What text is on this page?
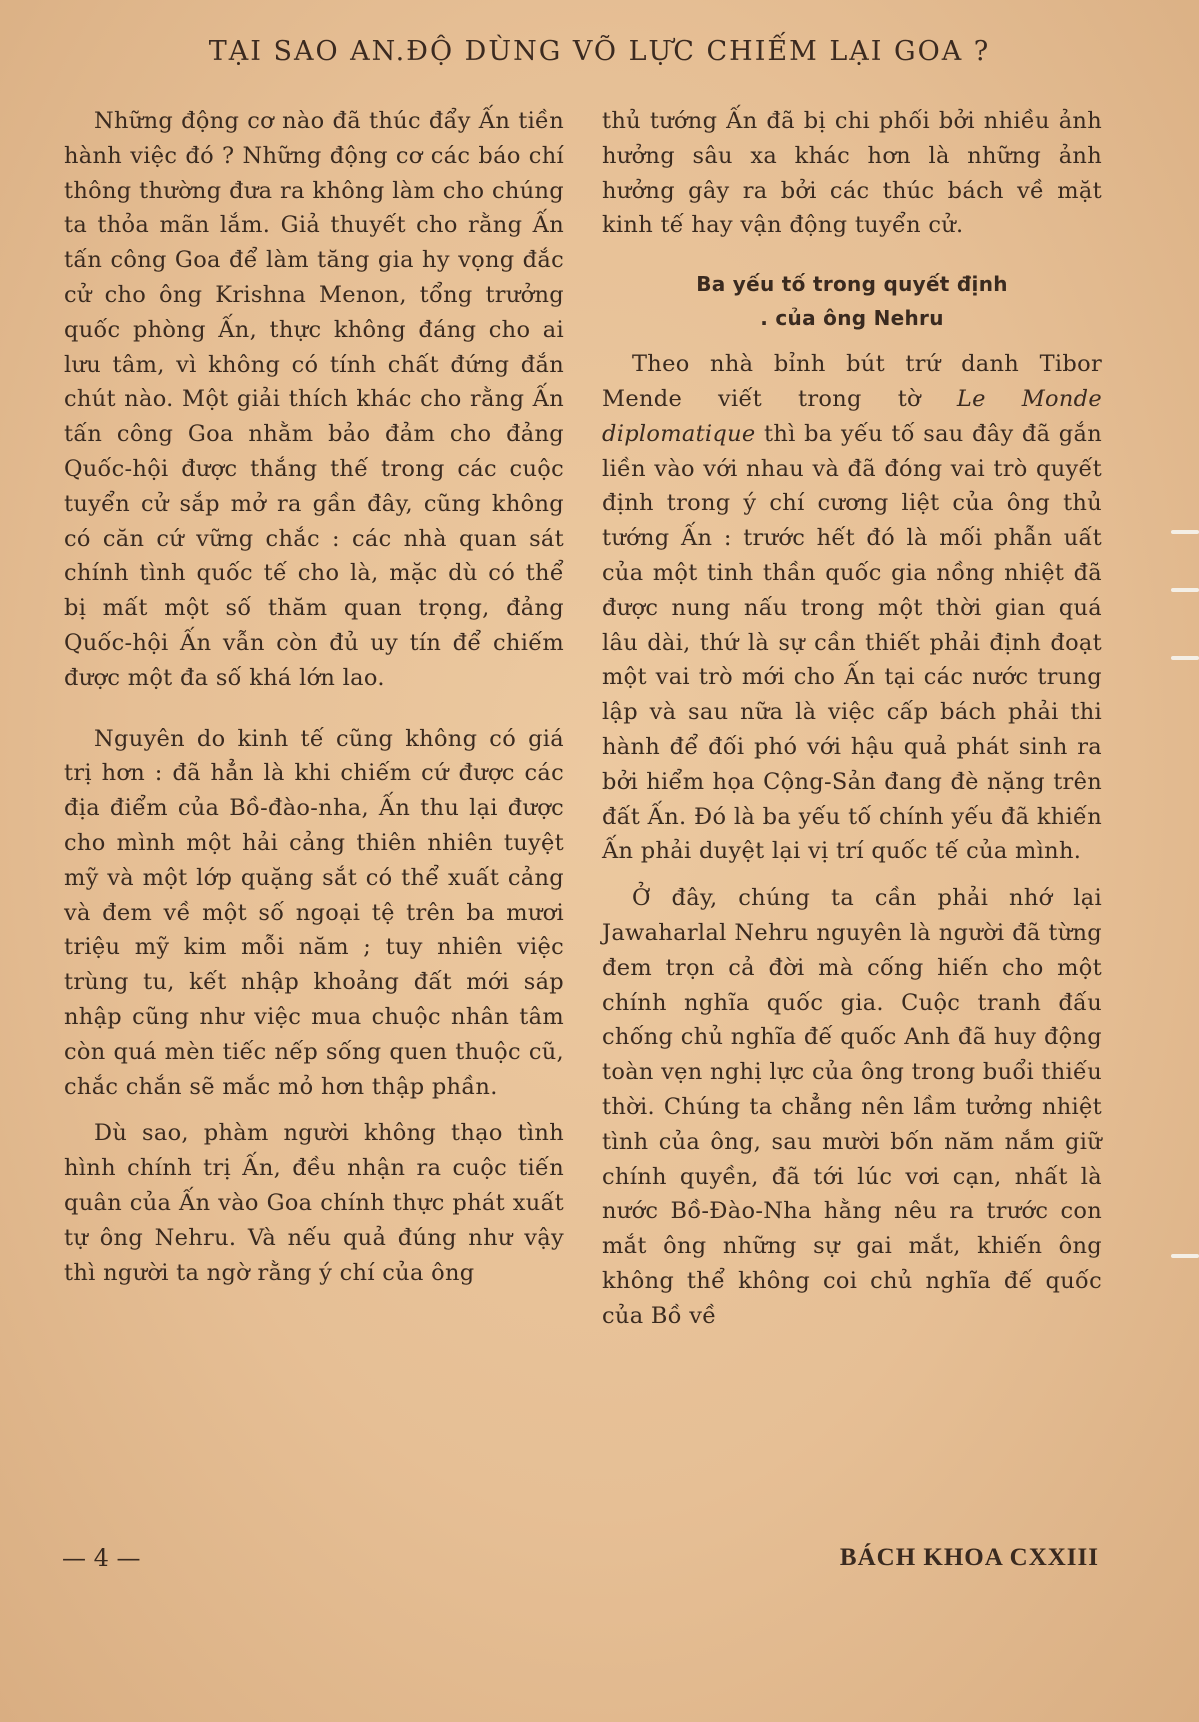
TẠI SAO AN.ĐỘ DÙNG VÕ LỰC CHIẾM LẠI GOA ?

Những động cơ nào đã thúc đẩy Ấn tiền hành việc đó ? Những động cơ các báo chí thông thường đưa ra không làm cho chúng ta thỏa mãn lắm. Giả thuyết cho rằng Ấn tấn công Goa để làm tăng gia hy vọng đắc cử cho ông Krishna Menon, tổng trưởng quốc phòng Ấn, thực không đáng cho ai lưu tâm, vì không có tính chất đứng đắn chút nào. Một giải thích khác cho rằng Ấn tấn công Goa nhằm bảo đảm cho đảng Quốc-hội được thắng thế trong các cuộc tuyển cử sắp mở ra gần đây, cũng không có căn cứ vững chắc : các nhà quan sát chính tình quốc tế cho là, mặc dù có thể bị mất một số thăm quan trọng, đảng Quốc-hội Ấn vẫn còn đủ uy tín để chiếm được một đa số khá lớn lao.

Nguyên do kinh tế cũng không có giá trị hơn : đã hẳn là khi chiếm cứ được các địa điểm của Bồ-đào-nha, Ấn thu lại được cho mình một hải cảng thiên nhiên tuyệt mỹ và một lớp quặng sắt có thể xuất cảng và đem về một số ngoại tệ trên ba mươi triệu mỹ kim mỗi năm ; tuy nhiên việc trùng tu, kết nhập khoảng đất mới sáp nhập cũng như việc mua chuộc nhân tâm còn quá mèn tiếc nếp sống quen thuộc cũ, chắc chắn sẽ mắc mỏ hơn thập phần.

Dù sao, phàm người không thạo tình hình chính trị Ấn, đều nhận ra cuộc tiến quân của Ấn vào Goa chính thực phát xuất tự ông Nehru. Và nếu quả đúng như vậy thì người ta ngờ rằng ý chí của ông

thủ tướng Ấn đã bị chi phối bởi nhiều ảnh hưởng sâu xa khác hơn là những ảnh hưởng gây ra bởi các thúc bách về mặt kinh tế hay vận động tuyển cử.

Ba yếu tố trong quyết định
. của ông Nehru

Theo nhà bỉnh bút trứ danh Tibor Mende viết trong tờ Le Monde diplomatique thì ba yếu tố sau đây đã gắn liền vào với nhau và đã đóng vai trò quyết định trong ý chí cương liệt của ông thủ tướng Ấn : trước hết đó là mối phẫn uất của một tinh thần quốc gia nồng nhiệt đã được nung nấu trong một thời gian quá lâu dài, thứ là sự cần thiết phải định đoạt một vai trò mới cho Ấn tại các nước trung lập và sau nữa là việc cấp bách phải thi hành để đối phó với hậu quả phát sinh ra bởi hiểm họa Cộng-Sản đang đè nặng trên đất Ấn. Đó là ba yếu tố chính yếu đã khiến Ấn phải duyệt lại vị trí quốc tế của mình.

Ở đây, chúng ta cần phải nhớ lại Jawaharlal Nehru nguyên là người đã từng đem trọn cả đời mà cống hiến cho một chính nghĩa quốc gia. Cuộc tranh đấu chống chủ nghĩa đế quốc Anh đã huy động toàn vẹn nghị lực của ông trong buổi thiếu thời. Chúng ta chẳng nên lầm tưởng nhiệt tình của ông, sau mười bốn năm nắm giữ chính quyền, đã tới lúc vơi cạn, nhất là nước Bồ-Đào-Nha hằng nêu ra trước con mắt ông những sự gai mắt, khiến ông không thể không coi chủ nghĩa đế quốc của Bồ về

— 4 —	BÁCH KHOA CXXIII
